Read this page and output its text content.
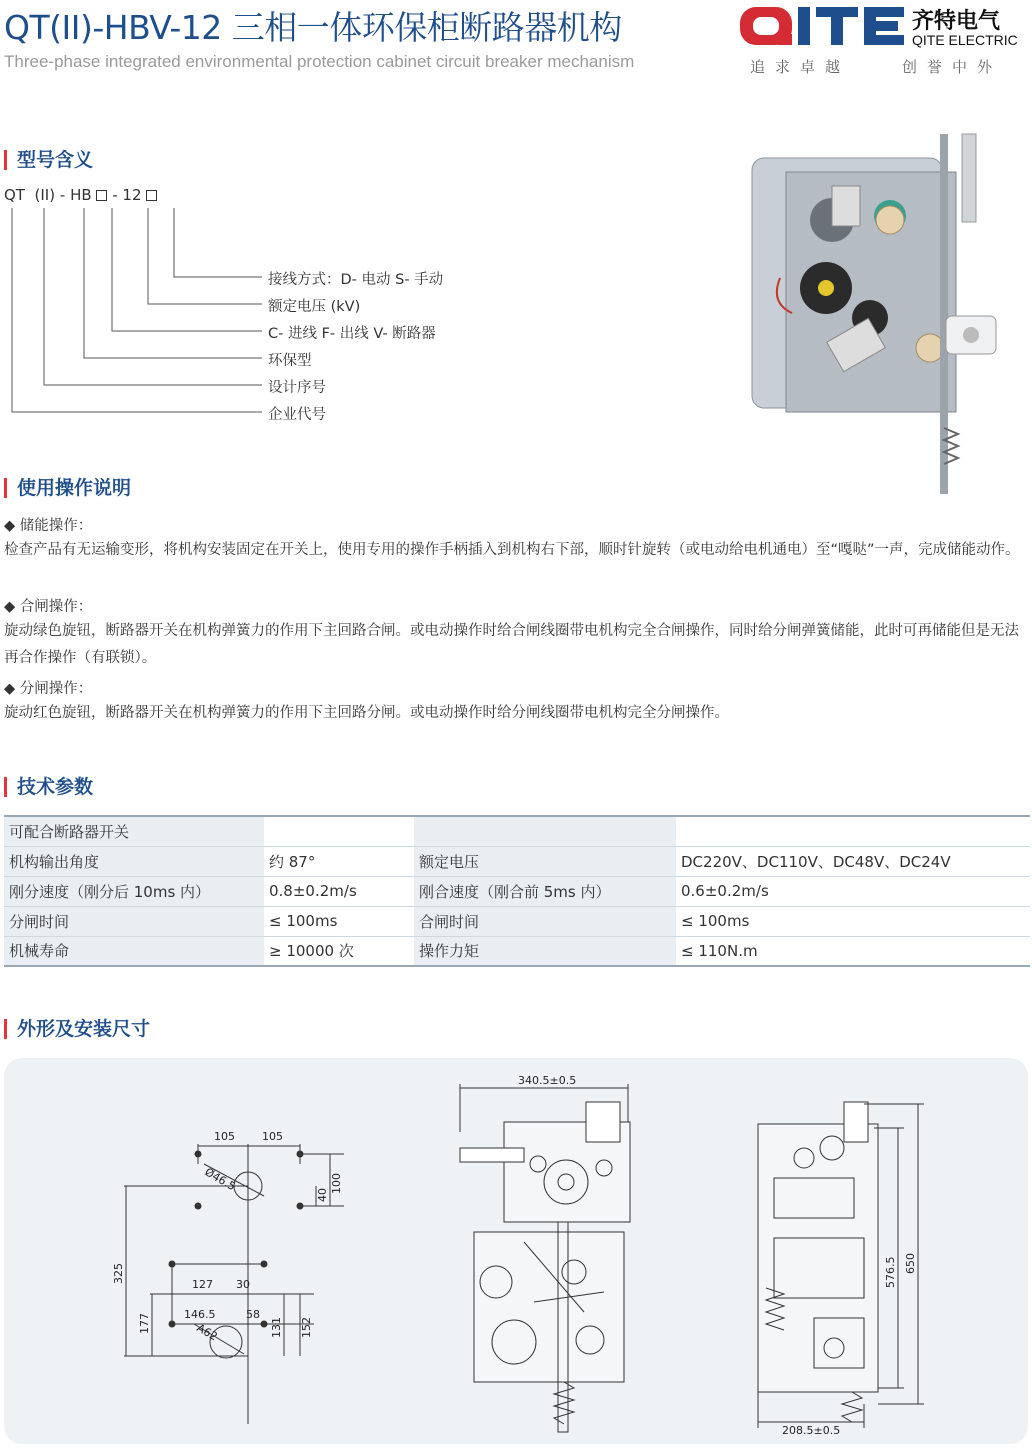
QT(II)-HBV-12 三相一体环保柜断路器机构
Three-phase integrated environmental protection cabinet circuit breaker mechanism
齐特电气
QITE ELECTRIC
追求卓越	创誉中外
型号含义
QT (II) - HB - 12
接线方式：D- 电动 S- 手动
额定电压 (kV)
C- 进线 F- 出线 V- 断路器
环保型
设计序号
企业代号
使用操作说明
◆ 储能操作：
检查产品有无运输变形，将机构安装固定在开关上，使用专用的操作手柄插入到机构右下部，顺时针旋转（或电动给电机通电）至“嘎哒”一声，完成储能动作。
◆ 合闸操作：
旋动绿色旋钮，断路器开关在机构弹簧力的作用下主回路合闸。或电动操作时给合闸线圈带电机构完全合闸操作，同时给分闸弹簧储能，此时可再储能但是无法再合作操作（有联锁）。
◆ 分闸操作：
旋动红色旋钮，断路器开关在机构弹簧力的作用下主回路分闸。或电动操作时给分闸线圈带电机构完全分闸操作。
技术参数
可配合断路器开关			
机构输出角度	约 87°	额定电压	DC220V、DC110V、DC48V、DC24V
刚分速度（刚分后 10ms 内）	0.8±0.2m/s	刚合速度（刚合前 5ms 内）	0.6±0.2m/s
分闸时间	≤ 100ms	合闸时间	≤ 100ms
机械寿命	≥ 10000 次	操作力矩	≤ 110N.m
外形及安装尺寸
105 105
Ø46.5
40
100
325
127 30
177	146.5	58
A62	131 152
340.5±0.5
576.5 650
208.5±0.5
